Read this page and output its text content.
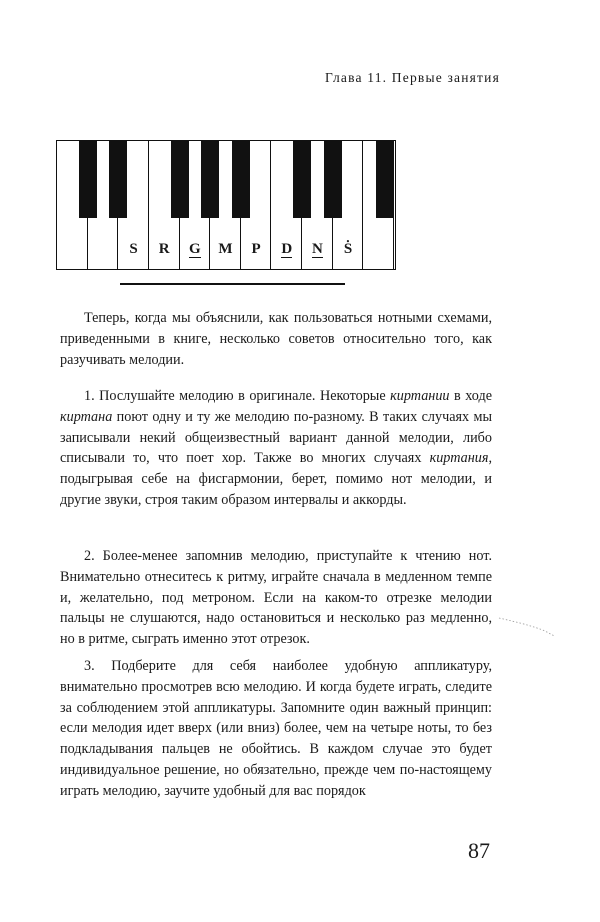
Глава 11. Первые занятия
S	R	G	M	P	D	N	Ṡ
Теперь, когда мы объяснили, как пользоваться нотными схемами, приведенными в книге, несколько советов относительно того, как разучивать мелодии.
1. Послушайте мелодию в оригинале. Некоторые киртании в ходе киртана поют одну и ту же мелодию по-разному. В таких случаях мы записывали некий общеизвестный вариант данной мелодии, либо списывали то, что поет хор. Также во многих случаях киртания, подыгрывая себе на фисгармонии, берет, помимо нот мелодии, и другие звуки, строя таким образом интервалы и аккорды.
2. Более-менее запомнив мелодию, приступайте к чтению нот. Внимательно отнеситесь к ритму, играйте сначала в медленном темпе и, желательно, под метроном. Если на каком-то отрезке мелодии пальцы не слушаются, надо остановиться и несколько раз медленно, но в ритме, сыграть именно этот отрезок.
3. Подберите для себя наиболее удобную аппликатуру, внимательно просмотрев всю мелодию. И когда будете играть, следите за соблюдением этой аппликатуры. Запомните один важный принцип: если мелодия идет вверх (или вниз) более, чем на четыре ноты, то без подкладывания пальцев не обойтись. В каждом случае это будет индивидуальное решение, но обязательно, прежде чем по-настоящему играть мелодию, заучите удобный для вас порядок
87
